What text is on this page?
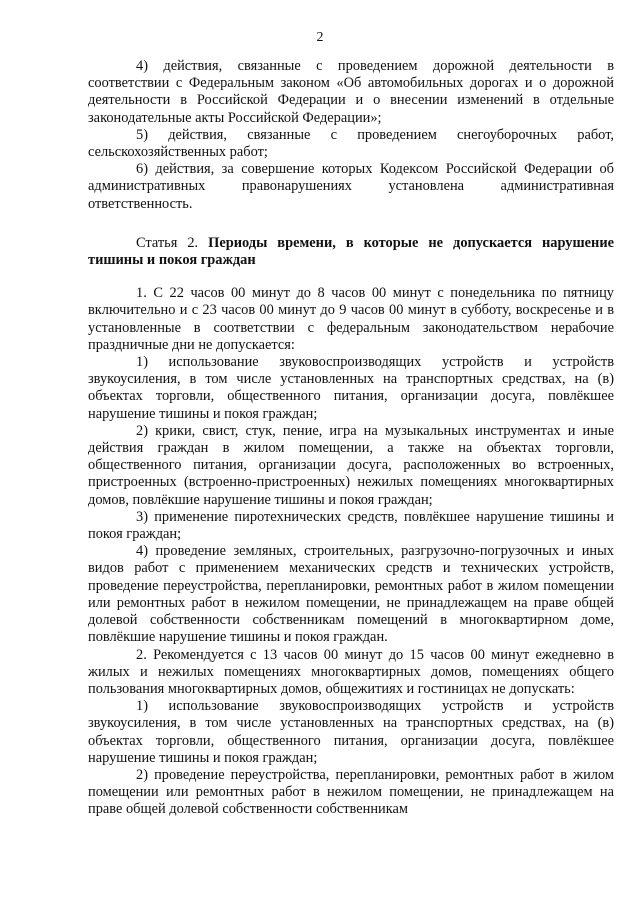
2

4) действия, связанные с проведением дорожной деятельности в соответствии с Федеральным законом «Об автомобильных дорогах и о дорожной деятельности в Российской Федерации и о внесении изменений в отдельные законодательные акты Российской Федерации»;

5) действия, связанные с проведением снегоуборочных работ, сельскохозяйственных работ;

6) действия, за совершение которых Кодексом Российской Федерации об административных правонарушениях установлена административная ответственность.

Статья 2. Периоды времени, в которые не допускается нарушение тишины и покоя граждан

1. С 22 часов 00 минут до 8 часов 00 минут с понедельника по пятницу включительно и с 23 часов 00 минут до 9 часов 00 минут в субботу, воскресенье и в установленные в соответствии с федеральным законодательством нерабочие праздничные дни не допускается:

1) использование звуковоспроизводящих устройств и устройств звукоусиления, в том числе установленных на транспортных средствах, на (в) объектах торговли, общественного питания, организации досуга, повлёкшее нарушение тишины и покоя граждан;

2) крики, свист, стук, пение, игра на музыкальных инструментах и иные действия граждан в жилом помещении, а также на объектах торговли, общественного питания, организации досуга, расположенных во встроенных, пристроенных (встроенно-пристроенных) нежилых помещениях многоквартирных домов, повлёкшие нарушение тишины и покоя граждан;

3) применение пиротехнических средств, повлёкшее нарушение тишины и покоя граждан;

4) проведение земляных, строительных, разгрузочно-погрузочных и иных видов работ с применением механических средств и технических устройств, проведение переустройства, перепланировки, ремонтных работ в жилом помещении или ремонтных работ в нежилом помещении, не принадлежащем на праве общей долевой собственности собственникам помещений в многоквартирном доме, повлёкшие нарушение тишины и покоя граждан.

2. Рекомендуется с 13 часов 00 минут до 15 часов 00 минут ежедневно в жилых и нежилых помещениях многоквартирных домов, помещениях общего пользования многоквартирных домов, общежитиях и гостиницах не допускать:

1) использование звуковоспроизводящих устройств и устройств звукоусиления, в том числе установленных на транспортных средствах, на (в) объектах торговли, общественного питания, организации досуга, повлёкшее нарушение тишины и покоя граждан;

2) проведение переустройства, перепланировки, ремонтных работ в жилом помещении или ремонтных работ в нежилом помещении, не принадлежащем на праве общей долевой собственности собственникам
